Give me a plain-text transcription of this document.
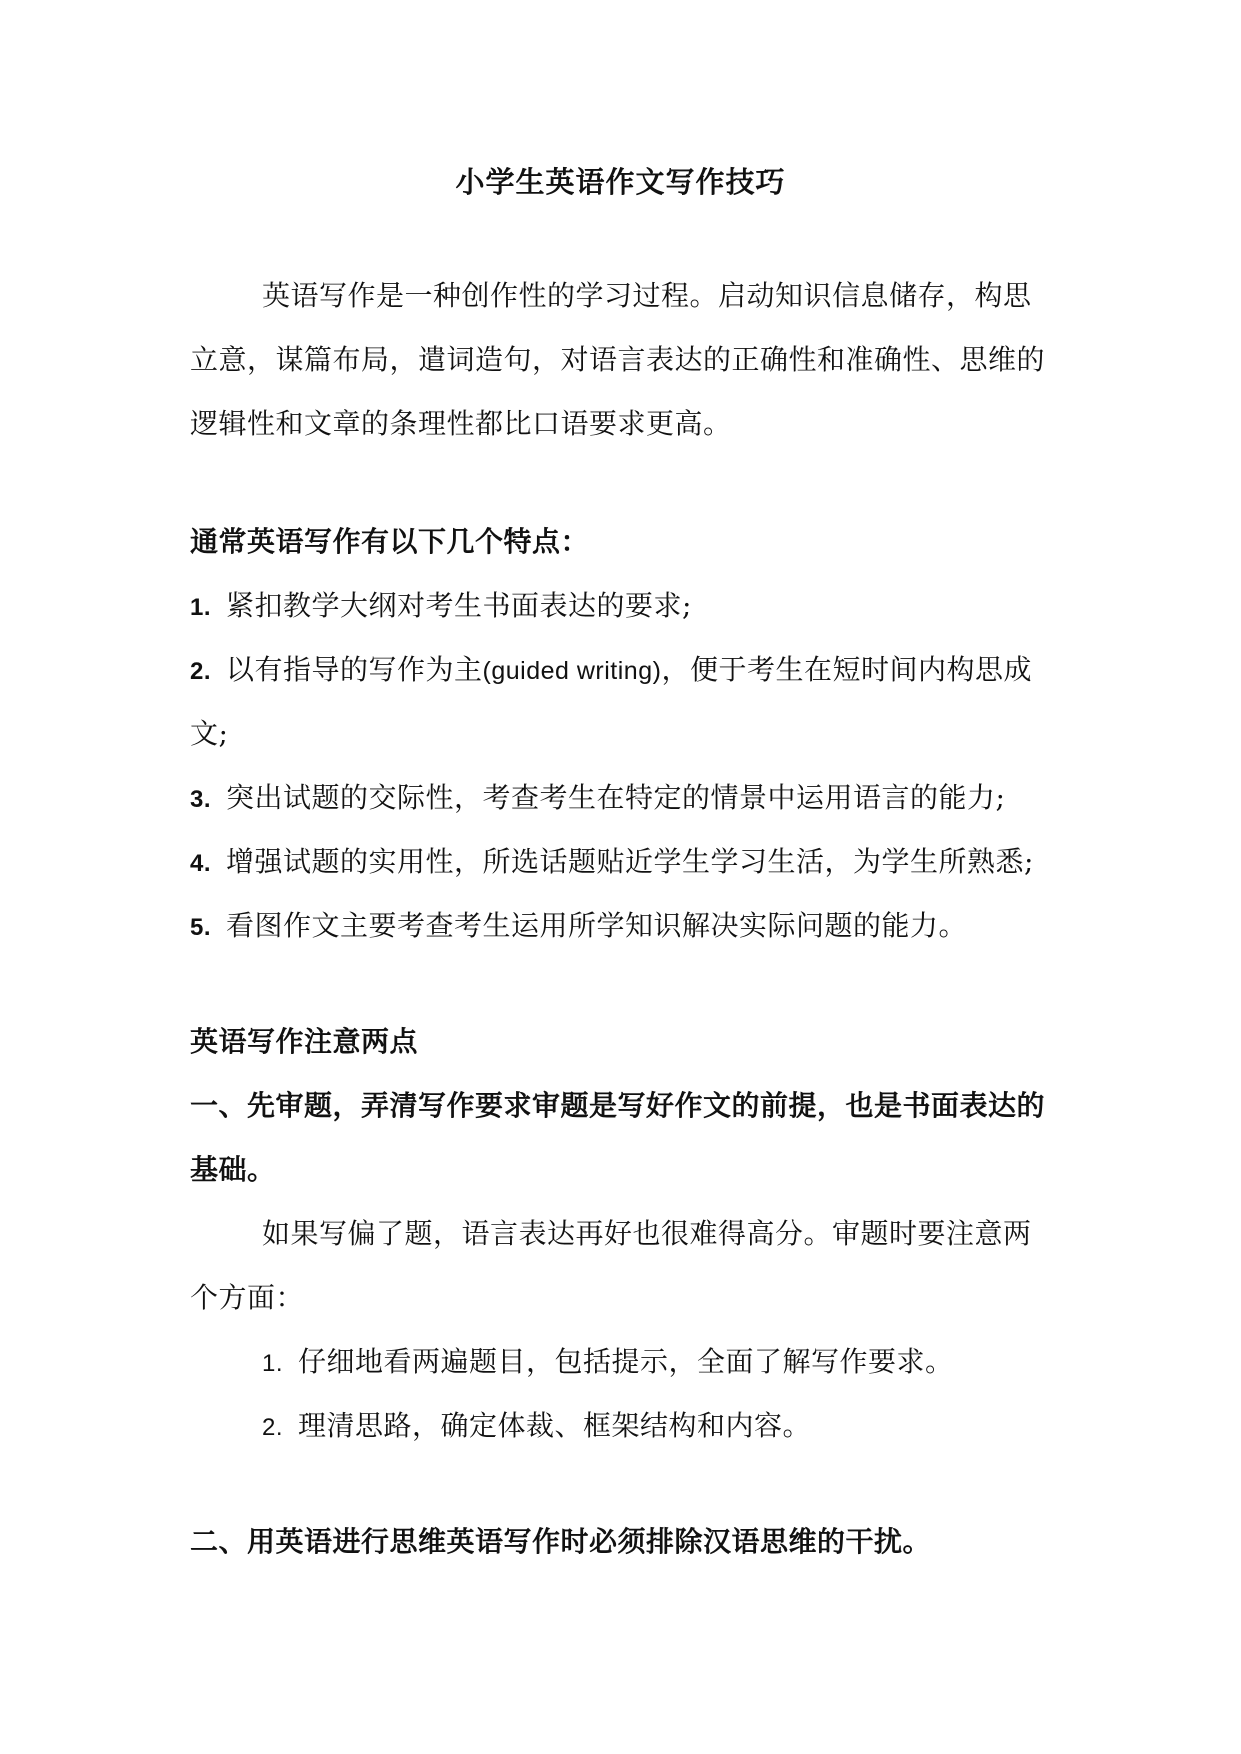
小学生英语作文写作技巧
英语写作是一种创作性的学习过程。启动知识信息储存，构思
立意，谋篇布局，遣词造句，对语言表达的正确性和准确性、思维的
逻辑性和文章的条理性都比口语要求更高。
通常英语写作有以下几个特点：
1. 紧扣教学大纲对考生书面表达的要求;
2. 以有指导的写作为主(guided writing)，便于考生在短时间内构思成
文;
3. 突出试题的交际性，考查考生在特定的情景中运用语言的能力;
4. 增强试题的实用性，所选话题贴近学生学习生活，为学生所熟悉;
5. 看图作文主要考查考生运用所学知识解决实际问题的能力。
英语写作注意两点
一、先审题，弄清写作要求审题是写好作文的前提，也是书面表达的
基础。
如果写偏了题，语言表达再好也很难得高分。审题时要注意两
个方面：
1. 仔细地看两遍题目，包括提示，全面了解写作要求。
2. 理清思路，确定体裁、框架结构和内容。
二、用英语进行思维英语写作时必须排除汉语思维的干扰。
